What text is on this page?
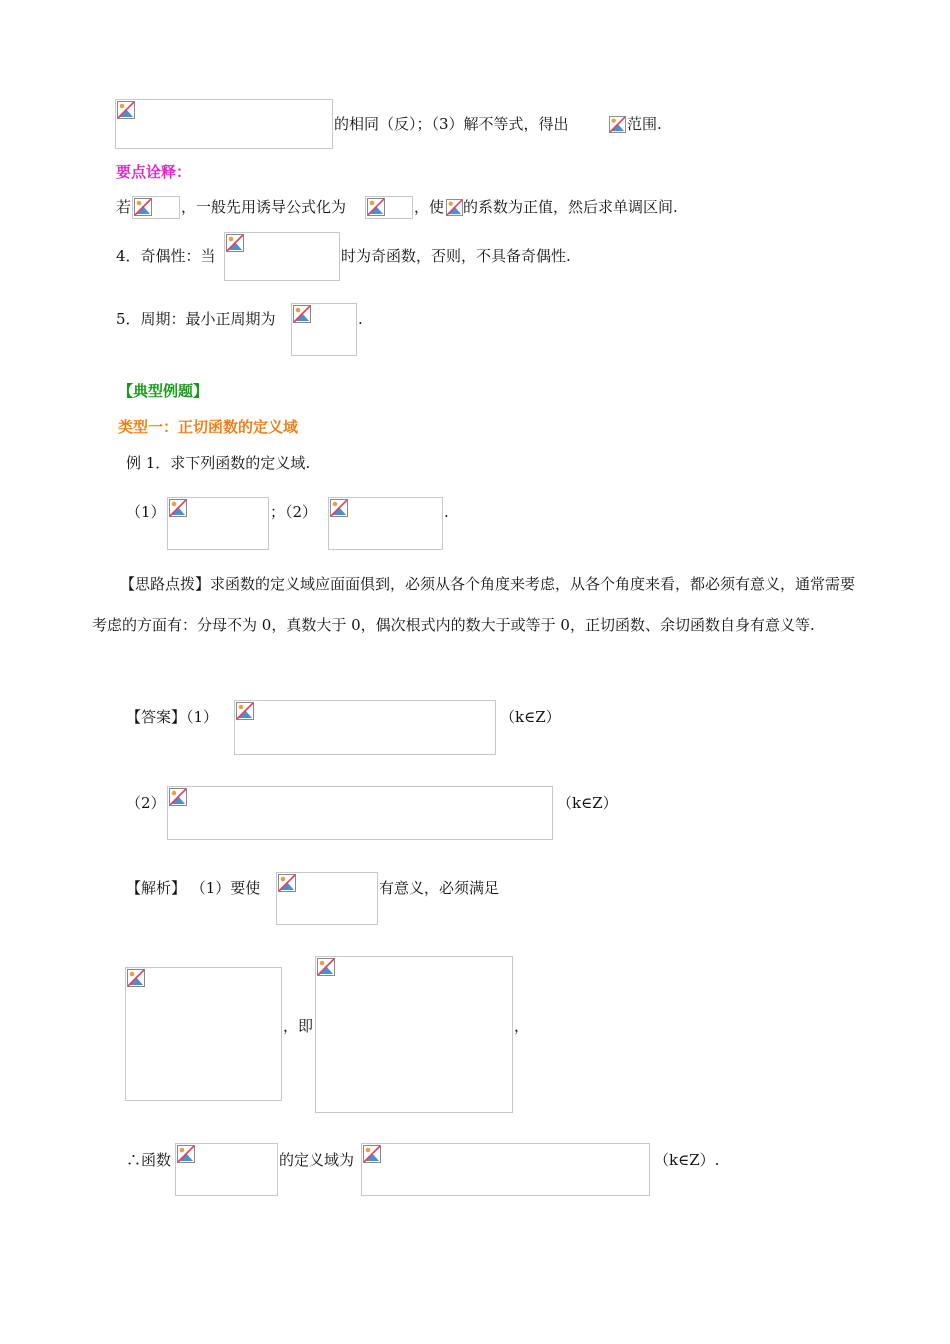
的相同（反）；（3）解不等式，得出	范围.
要点诠释：
若	，一般先用诱导公式化为	，使 的系数为正值，然后求单调区间.
4．奇偶性：当	时为奇函数，否则，不具备奇偶性.
5．周期：最小正周期为	.
【典型例题】
类型一：正切函数的定义域
例 1．求下列函数的定义域.
（1）	；（2）	.
【思路点拨】求函数的定义域应面面俱到，必须从各个角度来考虑，从各个角度来看，都必须有意义，通常需要考虑的方面有：分母不为 0，真数大于 0，偶次根式内的数大于或等于 0，正切函数、余切函数自身有意义等.
【答案】（1）	（k∈Z）
（2）	（k∈Z）
【解析】 （1）要使	有意义，必须满足
，即	，
∴函数	的定义域为	（k∈Z）.
